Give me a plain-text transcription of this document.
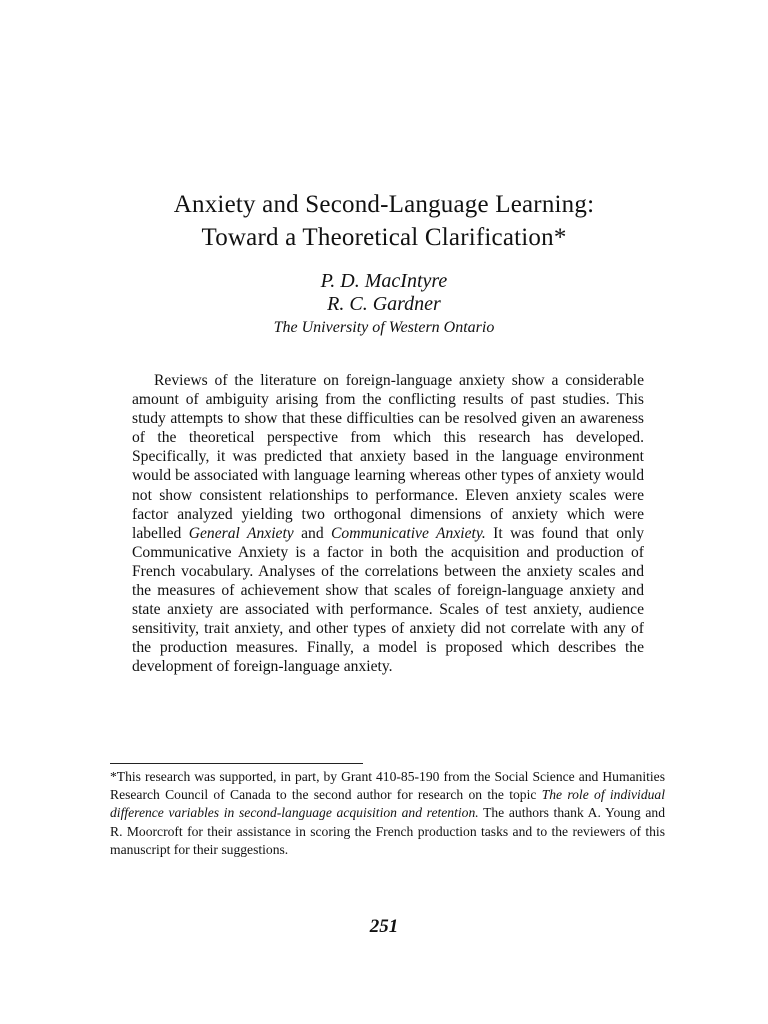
Anxiety and Second-Language Learning:
Toward a Theoretical Clarification*
P. D. MacIntyre
R. C. Gardner
The University of Western Ontario

Reviews of the literature on foreign-language anxiety show a considerable amount of ambiguity arising from the conflicting results of past studies. This study attempts to show that these difficulties can be resolved given an awareness of the theoretical perspective from which this research has developed. Specifically, it was predicted that anxiety based in the language environment would be associated with language learning whereas other types of anxiety would not show consistent relationships to performance. Eleven anxiety scales were factor analyzed yielding two orthogonal dimensions of anxiety which were labelled General Anxiety and Communicative Anxiety. It was found that only Communicative Anxiety is a factor in both the acquisition and production of French vocabulary. Analyses of the correlations between the anxiety scales and the measures of achievement show that scales of foreign-language anxiety and state anxiety are associated with performance. Scales of test anxiety, audience sensitivity, trait anxiety, and other types of anxiety did not correlate with any of the production measures. Finally, a model is proposed which describes the development of foreign-language anxiety.

*This research was supported, in part, by Grant 410-85-190 from the Social Science and Humanities Research Council of Canada to the second author for research on the topic The role of individual difference variables in second-language acquisition and retention. The authors thank A. Young and R. Moorcroft for their assistance in scoring the French production tasks and to the reviewers of this manuscript for their suggestions.

251
